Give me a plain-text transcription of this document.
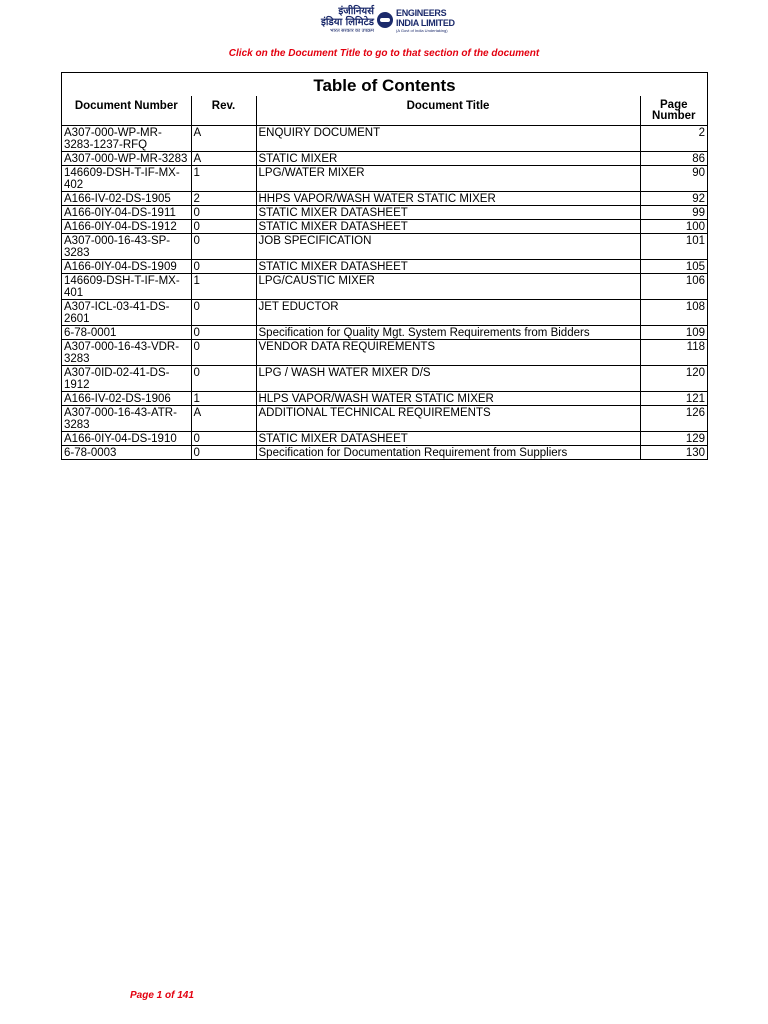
इंजीनियर्स
इंडिया लिमिटेड
भारत सरकार का उपक्रम
ENGINEERS
INDIA LIMITED
(A Govt of India Undertaking)
Click on the Document Title to go to that section of the document
Table of Contents
Document Number	Rev.	Document Title	Page Number
A307-000-WP-MR-3283-1237-RFQ	A	ENQUIRY DOCUMENT	2
A307-000-WP-MR-3283	A	STATIC MIXER	86
146609-DSH-T-IF-MX-402	1	LPG/WATER MIXER	90
A166-IV-02-DS-1905	2	HHPS VAPOR/WASH WATER STATIC MIXER	92
A166-0IY-04-DS-1911	0	STATIC MIXER DATASHEET	99
A166-0IY-04-DS-1912	0	STATIC MIXER DATASHEET	100
A307-000-16-43-SP-3283	0	JOB SPECIFICATION	101
A166-0IY-04-DS-1909	0	STATIC MIXER DATASHEET	105
146609-DSH-T-IF-MX-401	1	LPG/CAUSTIC MIXER	106
A307-ICL-03-41-DS-2601	0	JET EDUCTOR	108
6-78-0001	0	Specification for Quality Mgt. System Requirements from Bidders	109
A307-000-16-43-VDR-3283	0	VENDOR DATA REQUIREMENTS	118
A307-0ID-02-41-DS-1912	0	LPG / WASH WATER MIXER D/S	120
A166-IV-02-DS-1906	1	HLPS VAPOR/WASH WATER STATIC MIXER	121
A307-000-16-43-ATR-3283	A	ADDITIONAL TECHNICAL REQUIREMENTS	126
A166-0IY-04-DS-1910	0	STATIC MIXER DATASHEET	129
6-78-0003	0	Specification for Documentation Requirement from Suppliers	130
Page 1 of 141
